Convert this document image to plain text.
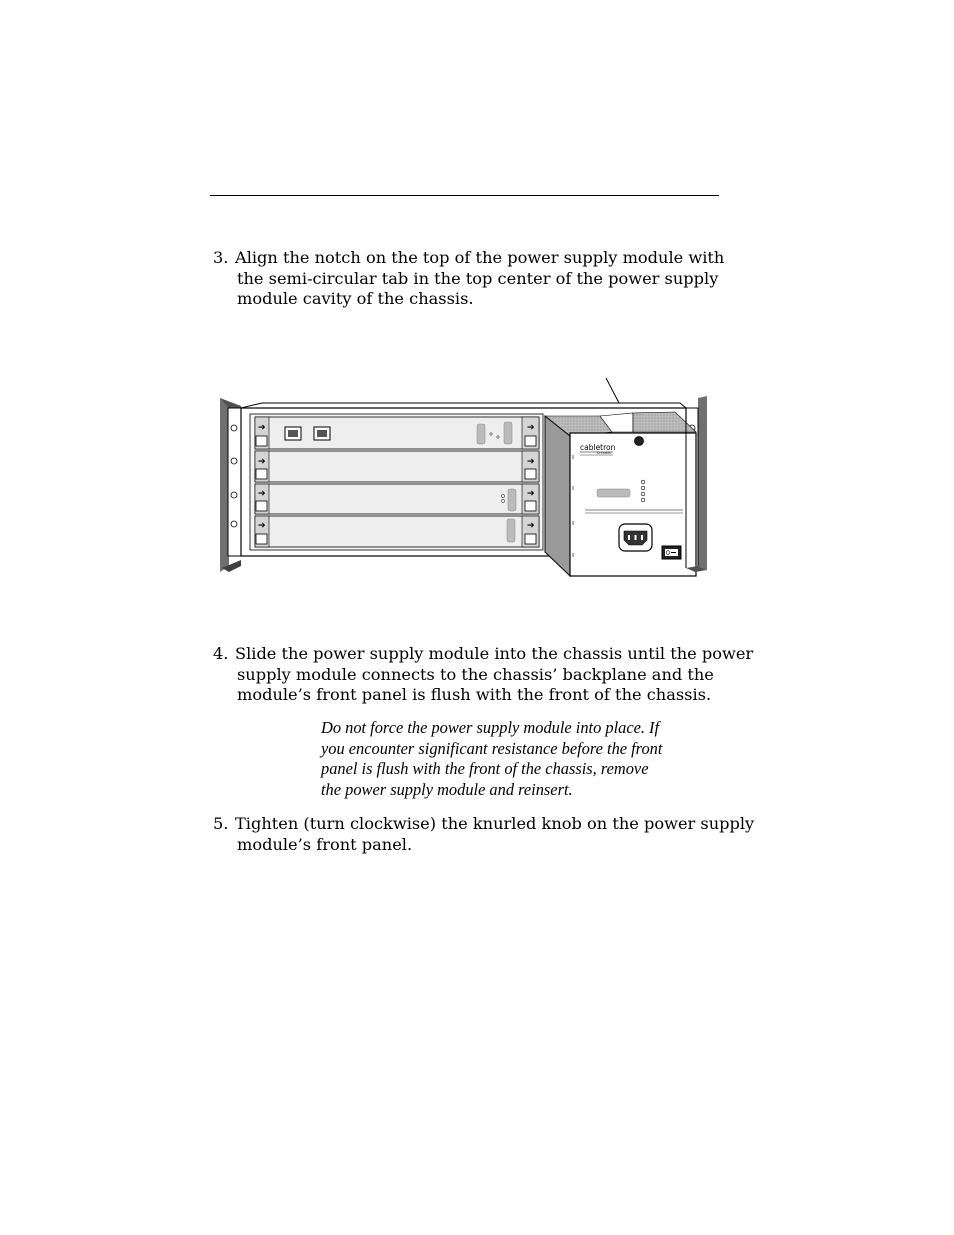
3. Align the notch on the top of the power supply module with
the semi-circular tab in the top center of the power supply
module cavity of the chassis.
➔	➔
➔	➔
➔	➔
➔	➔
cabletron
SYSTEMS
4. Slide the power supply module into the chassis until the power
supply module connects to the chassis’ backplane and the
module’s front panel is flush with the front of the chassis.
Do not force the power supply module into place. If
you encounter significant resistance before the front
panel is flush with the front of the chassis, remove
the power supply module and reinsert.
5. Tighten (turn clockwise) the knurled knob on the power supply
module’s front panel.
